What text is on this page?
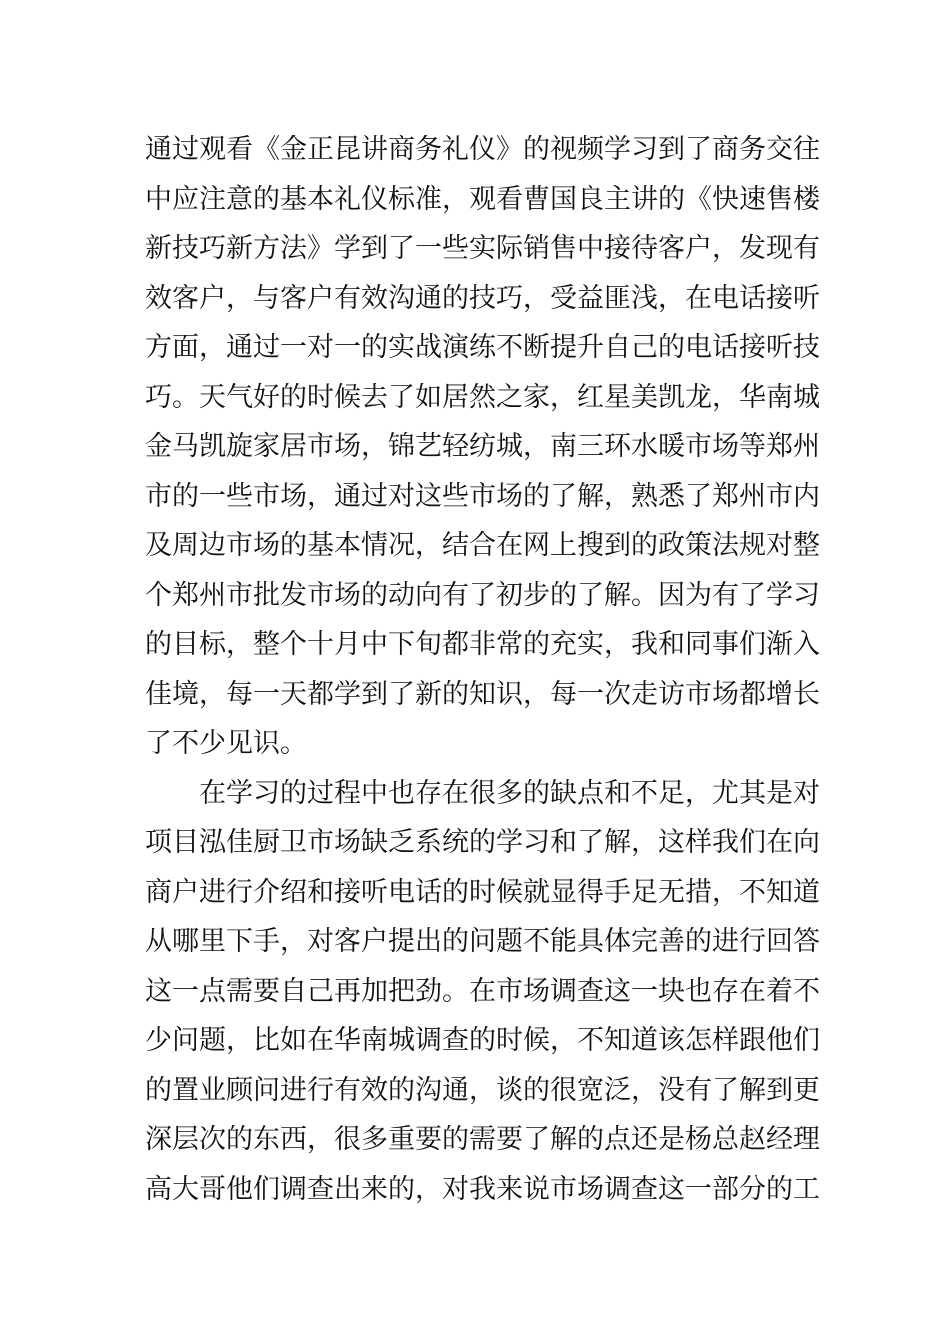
通过观看《金正昆讲商务礼仪》的视频学习到了商务交往
中应注意的基本礼仪标准，观看曹国良主讲的《快速售楼
新技巧新方法》学到了一些实际销售中接待客户，发现有
效客户，与客户有效沟通的技巧，受益匪浅，在电话接听
方面，通过一对一的实战演练不断提升自己的电话接听技
巧。天气好的时候去了如居然之家，红星美凯龙，华南城
金马凯旋家居市场，锦艺轻纺城，南三环水暖市场等郑州
市的一些市场，通过对这些市场的了解，熟悉了郑州市内
及周边市场的基本情况，结合在网上搜到的政策法规对整
个郑州市批发市场的动向有了初步的了解。因为有了学习
的目标，整个十月中下旬都非常的充实，我和同事们渐入
佳境，每一天都学到了新的知识，每一次走访市场都增长
了不少见识。
在学习的过程中也存在很多的缺点和不足，尤其是对
项目泓佳厨卫市场缺乏系统的学习和了解，这样我们在向
商户进行介绍和接听电话的时候就显得手足无措，不知道
从哪里下手，对客户提出的问题不能具体完善的进行回答
这一点需要自己再加把劲。在市场调查这一块也存在着不
少问题，比如在华南城调查的时候，不知道该怎样跟他们
的置业顾问进行有效的沟通，谈的很宽泛，没有了解到更
深层次的东西，很多重要的需要了解的点还是杨总赵经理
高大哥他们调查出来的，对我来说市场调查这一部分的工
